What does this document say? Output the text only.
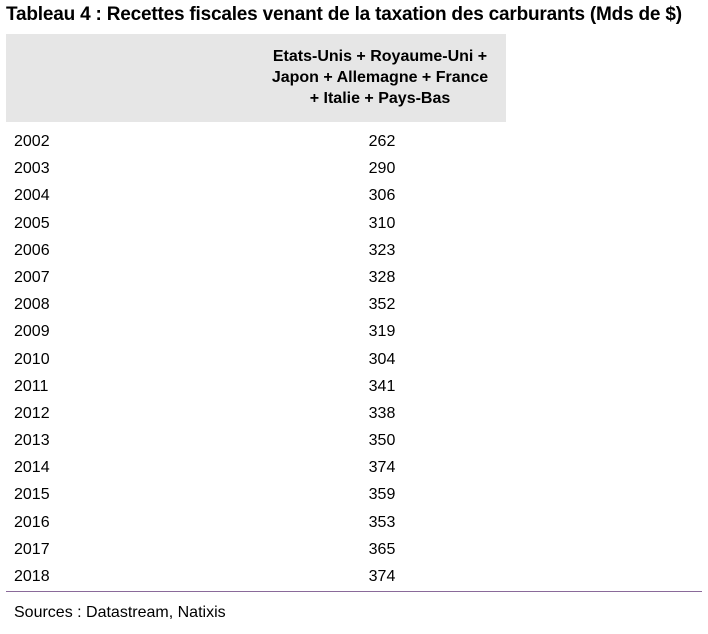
Tableau 4 : Recettes fiscales venant de la taxation des carburants (Mds de $)
Etats-Unis + Royaume-Uni +
Japon + Allemagne + France
+ Italie + Pays-Bas
2002	262
2003	290
2004	306
2005	310
2006	323
2007	328
2008	352
2009	319
2010	304
2011	341
2012	338
2013	350
2014	374
2015	359
2016	353
2017	365
2018	374
Sources : Datastream, Natixis
